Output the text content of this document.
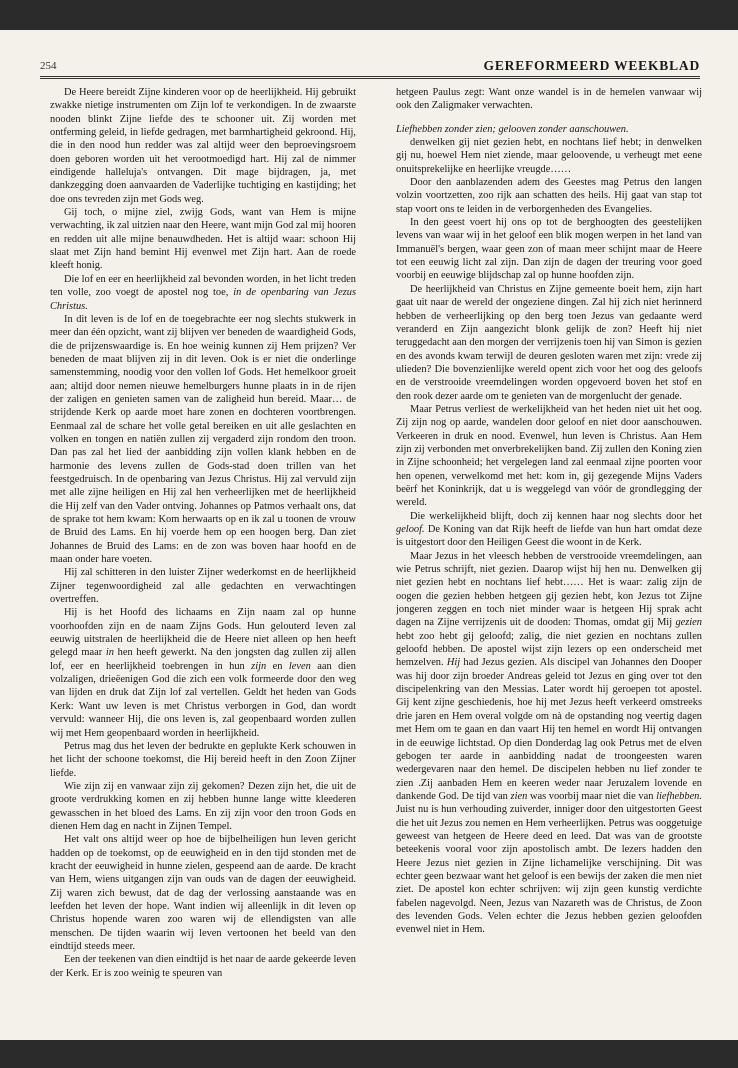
254	GEREFORMEERD WEEKBLAD

De Heere bereidt Zijne kinderen voor op de heerlijkheid. Hij gebruikt zwakke nietige instrumenten om Zijn lof te verkondigen. In de zwaarste nooden blinkt Zijne liefde des te schooner uit. Zij worden met ontferming geleid, in liefde gedragen, met barmhartigheid gekroond. Hij, die in den nood hun redder was zal altijd weer den beproevingsroem doen geboren worden uit het verootmoedigd hart. Hij zal de nimmer eindigende halleluja's ontvangen. Dit mage bijdragen, ja, met dankzegging doen aanvaarden de Vaderlijke tuchtiging en kastijding; het doe ons tevreden zijn met Gods weg.

Gij toch, o mijne ziel, zwijg Gods, want van Hem is mijne verwachting, ik zal uitzien naar den Heere, want mijn God zal mij hooren en redden uit alle mijne benauwdheden. Het is altijd waar: schoon Hij slaat met Zijn hand bemint Hij evenwel met Zijn hart. Aan de roede kleeft honig.

Die lof en eer en heerlijkheid zal bevonden worden, in het licht treden ten volle, zoo voegt de apostel nog toe, in de openbaring van Jezus Christus.

In dit leven is de lof en de toegebrachte eer nog slechts stukwerk in meer dan één opzicht, want zij blijven ver beneden de waardigheid Gods, die de prijzenswaardige is. En hoe weinig kunnen zij Hem prijzen? Ver beneden de maat blijven zij in dit leven. Ook is er niet die onderlinge samenstemming, noodig voor den vollen lof Gods. Het hemelkoor groeit aan; altijd door nemen nieuwe hemelburgers hunne plaats in in de rijen der zaligen en genieten samen van de zaligheid hun bereid. Maar… de strijdende Kerk op aarde moet hare zonen en dochteren voortbrengen. Eenmaal zal de schare het volle getal bereiken en uit alle geslachten en volken en tongen en natiën zullen zij vergaderd zijn rondom den troon. Dan pas zal het lied der aanbidding zijn vollen klank hebben en de harmonie des levens zullen de Gods-stad doen trillen van het feestgedruisch. In de openbaring van Jezus Christus. Hij zal vervuld zijn met alle zijne heiligen en Hij zal hen verheerlijken met de heerlijkheid die Hij zelf van den Vader ontving. Johannes op Patmos verhaalt ons, dat de sprake tot hem kwam: Kom herwaarts op en ik zal u toonen de vrouw de Bruid des Lams. En hij voerde hem op een hoogen berg. Dan ziet Johannes de Bruid des Lams: en de zon was boven haar hoofd en de maan onder hare voeten.

Hij zal schitteren in den luister Zijner wederkomst en de heerlijkheid Zijner tegenwoordigheid zal alle gedachten en verwachtingen overtreffen.

Hij is het Hoofd des lichaams en Zijn naam zal op hunne voorhoofden zijn en de naam Zijns Gods. Hun gelouterd leven zal eeuwig uitstralen de heerlijkheid die de Heere niet alleen op hen heeft gelegd maar in hen heeft gewerkt. Na den jongsten dag zullen zij allen lof, eer en heerlijkheid toebrengen in hun zijn en leven aan dien volzaligen, drieëenigen God die zich een volk formeerde door den weg van lijden en druk dat Zijn lof zal vertellen. Geldt het heden van Gods Kerk: Want uw leven is met Christus verborgen in God, dan wordt vervuld: wanneer Hij, die ons leven is, zal geopenbaard worden zullen wij met Hem geopenbaard worden in heerlijkheid.

Petrus mag dus het leven der bedrukte en geplukte Kerk schouwen in het licht der schoone toekomst, die Hij bereid heeft in den Zoon Zijner liefde.

Wie zijn zij en vanwaar zijn zij gekomen? Dezen zijn het, die uit de groote verdrukking komen en zij hebben hunne lange witte kleederen gewasschen in het bloed des Lams. En zij zijn voor den troon Gods en dienen Hem dag en nacht in Zijnen Tempel.

Het valt ons altijd weer op hoe de bijbelheiligen hun leven gericht hadden op de toekomst, op de eeuwigheid en in den tijd stonden met de kracht der eeuwigheid in hunne zielen, gespeend aan de aarde. De kracht van Hem, wiens uitgangen zijn van ouds van de dagen der eeuwigheid. Zij waren zich bewust, dat de dag der verlossing aanstaande was en leefden het leven der hope. Want indien wij alleenlijk in dit leven op Christus hopende waren zoo waren wij de ellendigsten van alle menschen. De tijden waarin wij leven vertoonen het beeld van den eindtijd steeds meer.

Een der teekenen van dien eindtijd is het naar de aarde gekeerde leven der Kerk. Er is zoo weinig te speuren van

hetgeen Paulus zegt: Want onze wandel is in de hemelen vanwaar wij ook den Zaligmaker verwachten.

Liefhebben zonder zien; gelooven zonder aanschouwen.

denwelken gij niet gezien hebt, en nochtans lief hebt; in denwelken gij nu, hoewel Hem niet ziende, maar geloovende, u verheugt met eene onuitsprekelijke en heerlijke vreugde……

Door den aanblazenden adem des Geestes mag Petrus den langen volzin voortzetten, zoo rijk aan schatten des heils. Hij gaat van stap tot stap voort ons te leiden in de verborgenheden des Evangelies.

In den geest voert hij ons op tot de berghoogten des geestelijken levens van waar wij in het geloof een blik mogen werpen in het land van Immanuël's bergen, waar geen zon of maan meer schijnt maar de Heere tot een eeuwig licht zal zijn. Dan zijn de dagen der treuring voor goed voorbij en eeuwige blijdschap zal op hunne hoofden zijn.

De heerlijkheid van Christus en Zijne gemeente boeit hem, zijn hart gaat uit naar de wereld der ongeziene dingen. Zal hij zich niet herinnerd hebben de verheerlijking op den berg toen Jezus van gedaante werd veranderd en Zijn aangezicht blonk gelijk de zon? Heeft hij niet teruggedacht aan den morgen der verrijzenis toen hij van Simon is gezien en des avonds kwam terwijl de deuren gesloten waren met zijn: vrede zij ulieden? Die bovenzienlijke wereld opent zich voor het oog des geloofs en de verstrooide vreemdelingen worden opgevoerd boven het stof en den rook dezer aarde om te genieten van de morgenlucht der genade.

Maar Petrus verliest de werkelijkheid van het heden niet uit het oog. Zij zijn nog op aarde, wandelen door geloof en niet door aanschouwen. Verkeeren in druk en nood. Evenwel, hun leven is Christus. Aan Hem zijn zij verbonden met onverbrekelijken band. Zij zullen den Koning zien in Zijne schoonheid; het vergelegen land zal eenmaal zijne poorten voor hen openen, verwelkomd met het: kom in, gij gezegende Mijns Vaders beërf het Koninkrijk, dat u is weggelegd van vóór de grondlegging der wereld.

Die werkelijkheid blijft, doch zij kennen haar nog slechts door het geloof. De Koning van dat Rijk heeft de liefde van hun hart omdat deze is uitgestort door den Heiligen Geest die woont in de Kerk.

Maar Jezus in het vleesch hebben de verstrooide vreemdelingen, aan wie Petrus schrijft, niet gezien. Daarop wijst hij hen nu. Denwelken gij niet gezien hebt en nochtans lief hebt…… Het is waar: zalig zijn de oogen die gezien hebben hetgeen gij gezien hebt, kon Jezus tot Zijne jongeren zeggen en toch niet minder waar is hetgeen Hij sprak acht dagen na Zijne verrijzenis uit de dooden: Thomas, omdat gij Mij gezien hebt zoo hebt gij geloofd; zalig, die niet gezien en nochtans zullen geloofd hebben. De apostel wijst zijn lezers op een onderscheid met hemzelven. Hij had Jezus gezien. Als discipel van Johannes den Dooper was hij door zijn broeder Andreas geleid tot Jezus en ging over tot den discipelenkring van den Messias. Later wordt hij geroepen tot apostel. Gij kent zijne geschiedenis, hoe hij met Jezus heeft verkeerd omstreeks drie jaren en Hem overal volgde om nà de opstanding nog veertig dagen met Hem om te gaan en dan vaart Hij ten hemel en wordt Hij ontvangen in de eeuwige lichtstad. Op dien Donderdag lag ook Petrus met de elven gebogen ter aarde in aanbidding nadat de troongeesten waren wedergevaren naar den hemel. De discipelen hebben nu lief zonder te zien .Zij aanbaden Hem en keeren weder naar Jeruzalem lovende en dankende God. De tijd van zien was voorbij maar niet die van liefhebben. Juist nu is hun verhouding zuiverder, inniger door den uitgestorten Geest die het uit Jezus zou nemen en Hem verheerlijken. Petrus was ooggetuige geweest van hetgeen de Heere deed en leed. Dat was van de grootste beteekenis vooral voor zijn apostolisch ambt. De lezers hadden den Heere Jezus niet gezien in Zijne lichamelijke verschijning. Dit was echter geen bezwaar want het geloof is een bewijs der zaken die men niet ziet. De apostel kon echter schrijven: wij zijn geen kunstig verdichte fabelen nagevolgd. Neen, Jezus van Nazareth was de Christus, de Zoon des levenden Gods. Velen echter die Jezus hebben gezien geloofden evenwel niet in Hem.
